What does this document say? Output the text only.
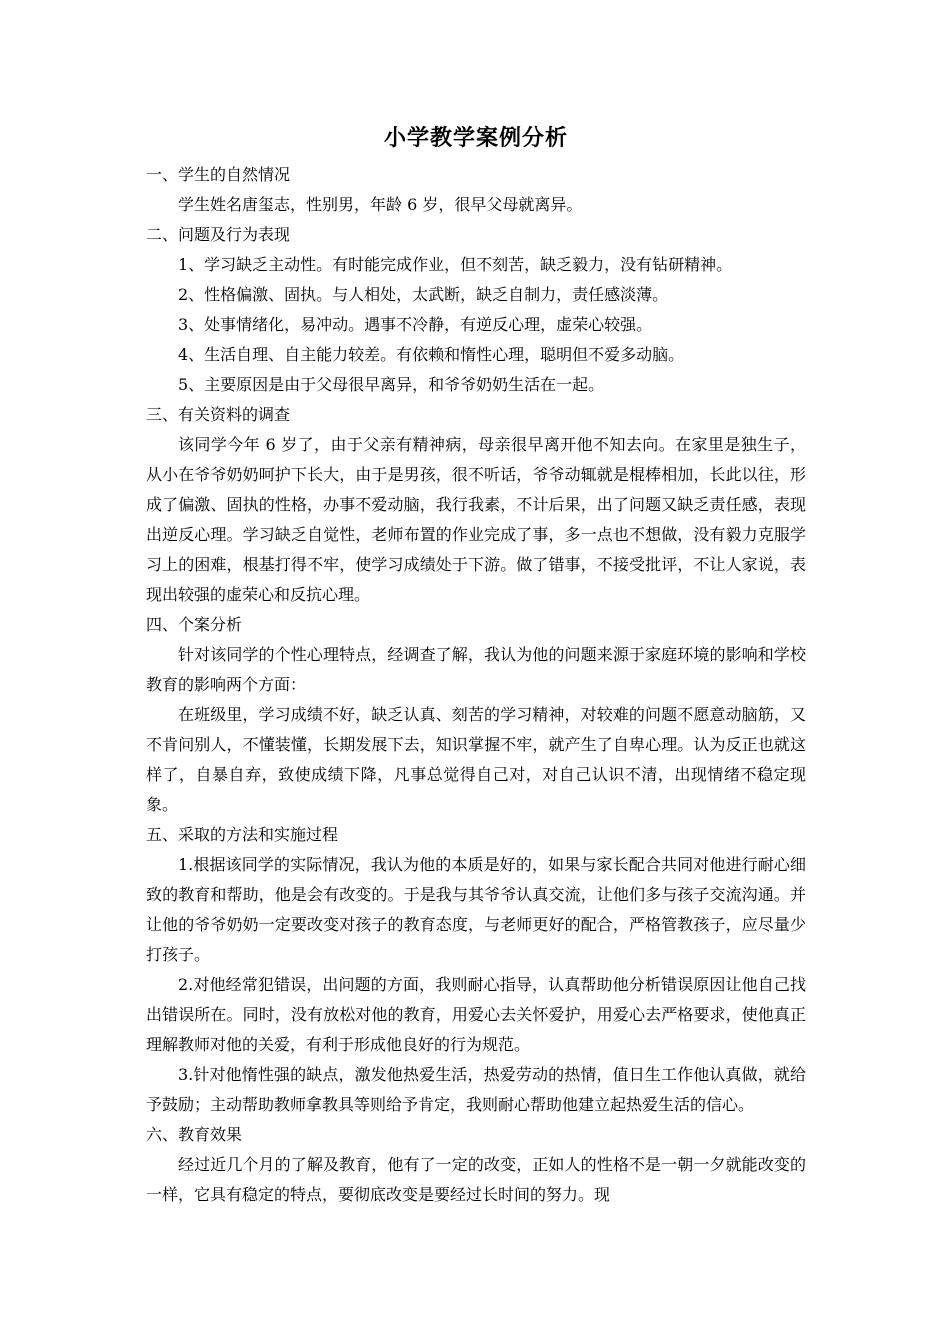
小学教学案例分析

一、学生的自然情况

学生姓名唐玺志，性别男，年龄 6 岁，很早父母就离异。

二、问题及行为表现

1、学习缺乏主动性。有时能完成作业，但不刻苦，缺乏毅力，没有钻研精神。

2、性格偏激、固执。与人相处，太武断，缺乏自制力，责任感淡薄。

3、处事情绪化，易冲动。遇事不冷静，有逆反心理，虚荣心较强。

4、生活自理、自主能力较差。有依赖和惰性心理，聪明但不爱多动脑。

5、主要原因是由于父母很早离异，和爷爷奶奶生活在一起。

三、有关资料的调查

该同学今年 6 岁了，由于父亲有精神病，母亲很早离开他不知去向。在家里是独生子，从小在爷爷奶奶呵护下长大，由于是男孩，很不听话，爷爷动辄就是棍棒相加，长此以往，形成了偏激、固执的性格，办事不爱动脑，我行我素，不计后果，出了问题又缺乏责任感，表现出逆反心理。学习缺乏自觉性，老师布置的作业完成了事，多一点也不想做，没有毅力克服学习上的困难，根基打得不牢，使学习成绩处于下游。做了错事，不接受批评，不让人家说，表现出较强的虚荣心和反抗心理。

四、个案分析

针对该同学的个性心理特点，经调查了解，我认为他的问题来源于家庭环境的影响和学校教育的影响两个方面：

在班级里，学习成绩不好，缺乏认真、刻苦的学习精神，对较难的问题不愿意动脑筋，又不肯问别人，不懂装懂，长期发展下去，知识掌握不牢，就产生了自卑心理。认为反正也就这样了，自暴自弃，致使成绩下降，凡事总觉得自己对，对自己认识不清，出现情绪不稳定现象。

五、采取的方法和实施过程

1.根据该同学的实际情况，我认为他的本质是好的，如果与家长配合共同对他进行耐心细致的教育和帮助，他是会有改变的。于是我与其爷爷认真交流，让他们多与孩子交流沟通。并让他的爷爷奶奶一定要改变对孩子的教育态度，与老师更好的配合，严格管教孩子，应尽量少打孩子。

2.对他经常犯错误，出问题的方面，我则耐心指导，认真帮助他分析错误原因让他自己找出错误所在。同时，没有放松对他的教育，用爱心去关怀爱护，用爱心去严格要求，使他真正理解教师对他的关爱，有利于形成他良好的行为规范。

3.针对他惰性强的缺点，激发他热爱生活，热爱劳动的热情，值日生工作他认真做，就给予鼓励；主动帮助教师拿教具等则给予肯定，我则耐心帮助他建立起热爱生活的信心。

六、教育效果

经过近几个月的了解及教育，他有了一定的改变，正如人的性格不是一朝一夕就能改变的一样，它具有稳定的特点，要彻底改变是要经过长时间的努力。现
